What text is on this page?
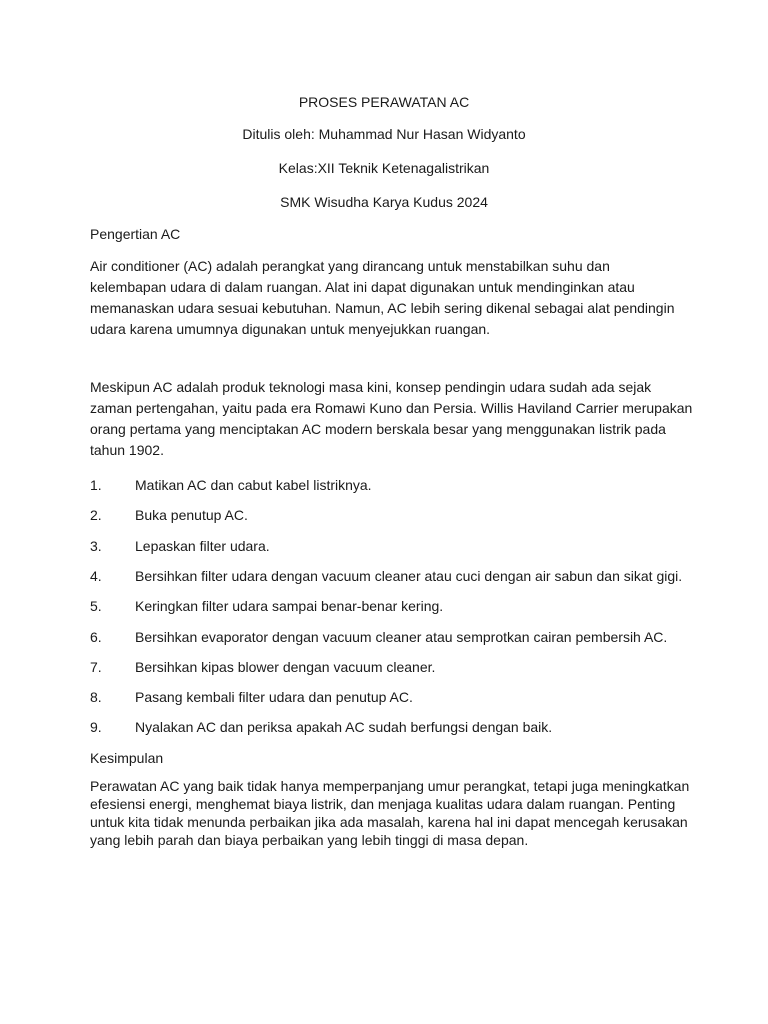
PROSES PERAWATAN AC
Ditulis oleh: Muhammad Nur Hasan Widyanto
Kelas:XII Teknik Ketenagalistrikan
SMK Wisudha Karya Kudus 2024
Pengertian AC

Air conditioner (AC) adalah perangkat yang dirancang untuk menstabilkan suhu dan
kelembapan udara di dalam ruangan. Alat ini dapat digunakan untuk mendinginkan atau
memanaskan udara sesuai kebutuhan. Namun, AC lebih sering dikenal sebagai alat pendingin
udara karena umumnya digunakan untuk menyejukkan ruangan.

Meskipun AC adalah produk teknologi masa kini, konsep pendingin udara sudah ada sejak
zaman pertengahan, yaitu pada era Romawi Kuno dan Persia. Willis Haviland Carrier merupakan
orang pertama yang menciptakan AC modern berskala besar yang menggunakan listrik pada
tahun 1902.

1.	Matikan AC dan cabut kabel listriknya.
2.	Buka penutup AC.
3.	Lepaskan filter udara.
4.	Bersihkan filter udara dengan vacuum cleaner atau cuci dengan air sabun dan sikat gigi.
5.	Keringkan filter udara sampai benar-benar kering.
6.	Bersihkan evaporator dengan vacuum cleaner atau semprotkan cairan pembersih AC.
7.	Bersihkan kipas blower dengan vacuum cleaner.
8.	Pasang kembali filter udara dan penutup AC.
9.	Nyalakan AC dan periksa apakah AC sudah berfungsi dengan baik.
Kesimpulan

Perawatan AC yang baik tidak hanya memperpanjang umur perangkat, tetapi juga meningkatkan
efesiensi energi, menghemat biaya listrik, dan menjaga kualitas udara dalam ruangan. Penting
untuk kita tidak menunda perbaikan jika ada masalah, karena hal ini dapat mencegah kerusakan
yang lebih parah dan biaya perbaikan yang lebih tinggi di masa depan.
